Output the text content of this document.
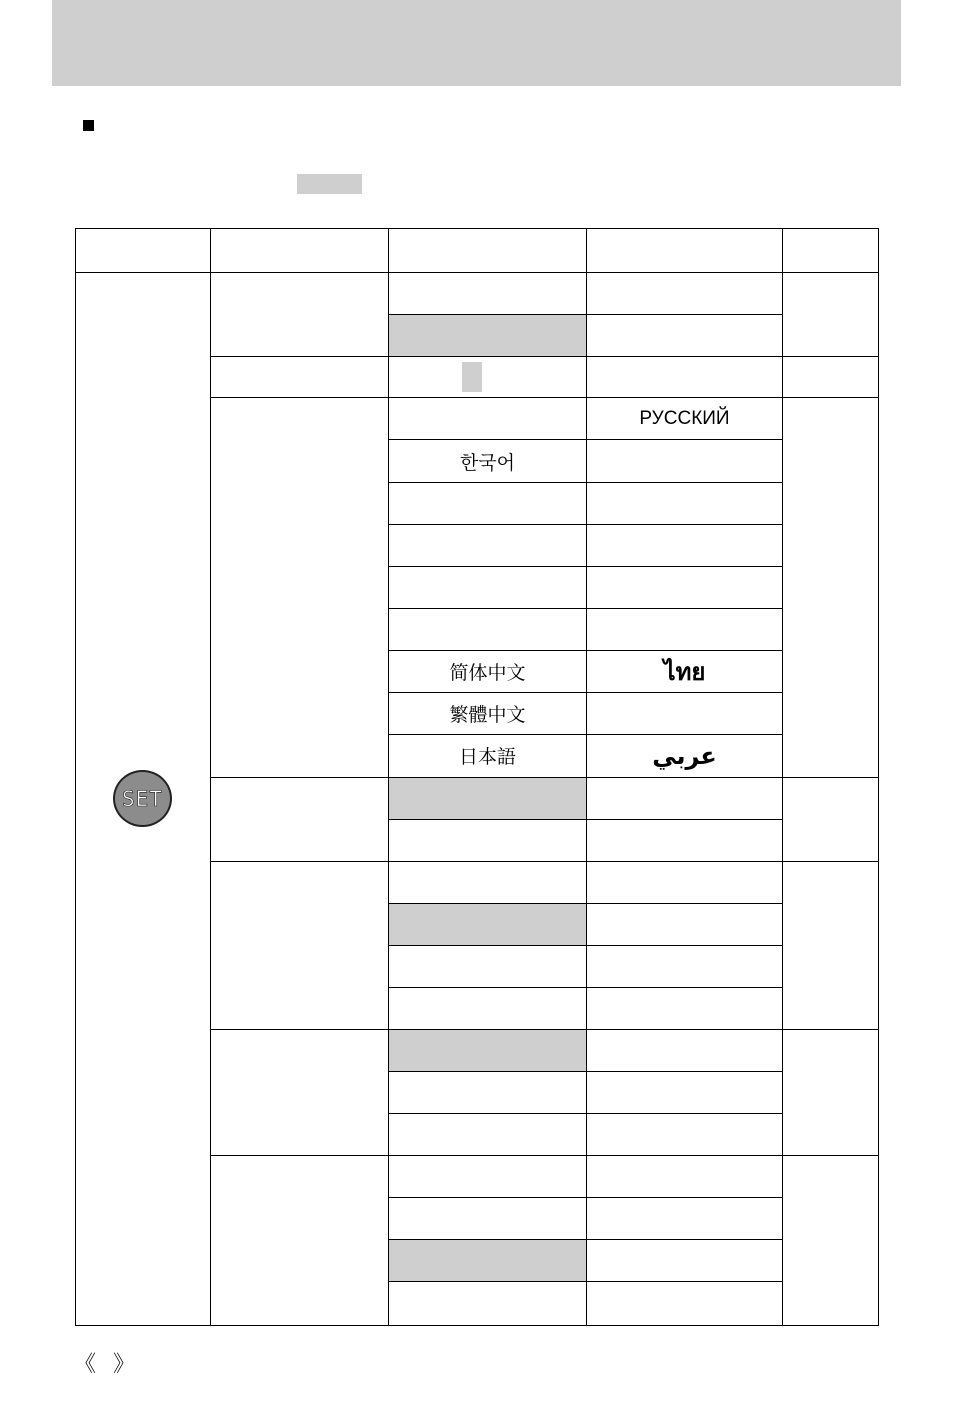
РУССКИЙ
한국어
简体中文	ไทย
繁體中文
عربي
日本語
SET
《 》
